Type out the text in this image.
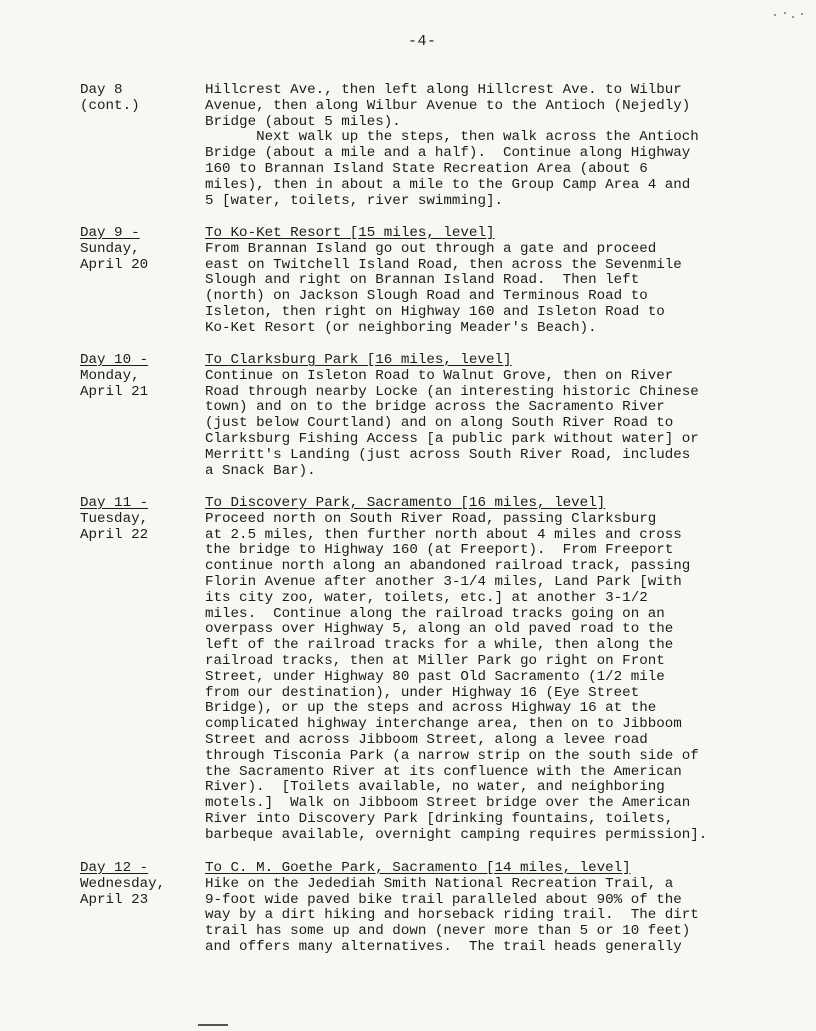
-4-
Day 8
(cont.)
Hillcrest Ave., then left along Hillcrest Ave. to Wilbur
Avenue, then along Wilbur Avenue to the Antioch (Nejedly)
Bridge (about 5 miles).
Next walk up the steps, then walk across the Antioch
Bridge (about a mile and a half).  Continue along Highway
160 to Brannan Island State Recreation Area (about 6
miles), then in about a mile to the Group Camp Area 4 and
5 [water, toilets, river swimming].
Day 9 -
Sunday,
April 20
To Ko-Ket Resort [15 miles, level]
From Brannan Island go out through a gate and proceed
east on Twitchell Island Road, then across the Sevenmile
Slough and right on Brannan Island Road.  Then left
(north) on Jackson Slough Road and Terminous Road to
Isleton, then right on Highway 160 and Isleton Road to
Ko-Ket Resort (or neighboring Meader's Beach).
Day 10 -
Monday,
April 21
To Clarksburg Park [16 miles, level]
Continue on Isleton Road to Walnut Grove, then on River
Road through nearby Locke (an interesting historic Chinese
town) and on to the bridge across the Sacramento River
(just below Courtland) and on along South River Road to
Clarksburg Fishing Access [a public park without water] or
Merritt's Landing (just across South River Road, includes
a Snack Bar).
Day 11 -
Tuesday,
April 22
To Discovery Park, Sacramento [16 miles, level]
Proceed north on South River Road, passing Clarksburg
at 2.5 miles, then further north about 4 miles and cross
the bridge to Highway 160 (at Freeport).  From Freeport
continue north along an abandoned railroad track, passing
Florin Avenue after another 3-1/4 miles, Land Park [with
its city zoo, water, toilets, etc.] at another 3-1/2
miles.  Continue along the railroad tracks going on an
overpass over Highway 5, along an old paved road to the
left of the railroad tracks for a while, then along the
railroad tracks, then at Miller Park go right on Front
Street, under Highway 80 past Old Sacramento (1/2 mile
from our destination), under Highway 16 (Eye Street
Bridge), or up the steps and across Highway 16 at the
complicated highway interchange area, then on to Jibboom
Street and across Jibboom Street, along a levee road
through Tisconia Park (a narrow strip on the south side of
the Sacramento River at its confluence with the American
River).  [Toilets available, no water, and neighboring
motels.]  Walk on Jibboom Street bridge over the American
River into Discovery Park [drinking fountains, toilets,
barbeque available, overnight camping requires permission].
Day 12 -
Wednesday,
April 23
To C. M. Goethe Park, Sacramento [14 miles, level]
Hike on the Jedediah Smith National Recreation Trail, a
9-foot wide paved bike trail paralleled about 90% of the
way by a dirt hiking and horseback riding trail.  The dirt
trail has some up and down (never more than 5 or 10 feet)
and offers many alternatives.  The trail heads generally
